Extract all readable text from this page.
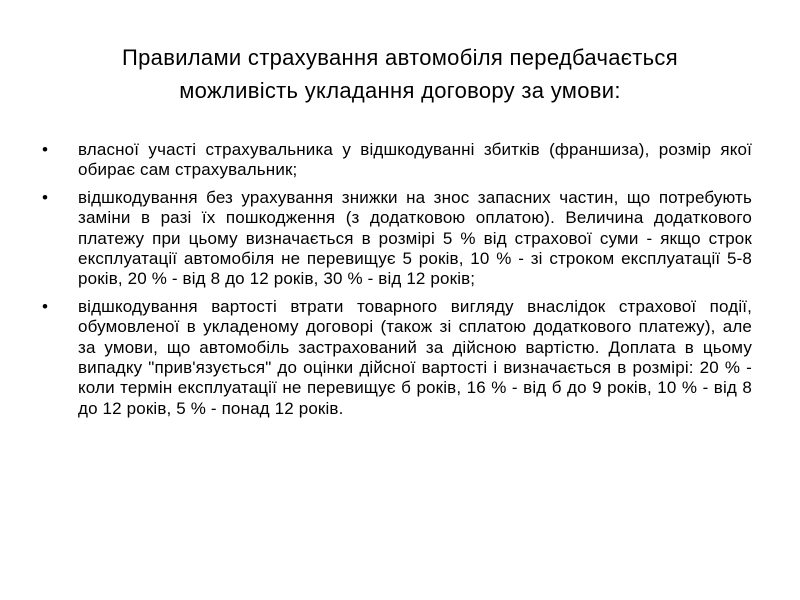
Правилами страхування автомобіля передбачається можливість укладання договору за умови:
• власної участі страхувальника у відшкодуванні збитків (франшиза), розмір якої обирає сам страхувальник;
• відшкодування без урахування знижки на знос запасних частин, що потребують заміни в разі їх пошкодження (з додатковою оплатою). Величина додаткового платежу при цьому визначається в розмірі 5 % від страхової суми - якщо строк експлуатації автомобіля не перевищує 5 років, 10 % - зі строком експлуатації 5-8 років, 20 % - від 8 до 12 років, 30 % - від 12 років;
• відшкодування вартості втрати товарного вигляду внаслідок страхової події, обумовленої в укладеному договорі (також зі сплатою додаткового платежу), але за умови, що автомобіль застрахований за дійсною вартістю. Доплата в цьому випадку "прив'язується" до оцінки дійсної вартості і визначається в розмірі: 20 % - коли термін експлуатації не перевищує б років, 16 % - від б до 9 років, 10 % - від 8 до 12 років, 5 % - понад 12 років.
